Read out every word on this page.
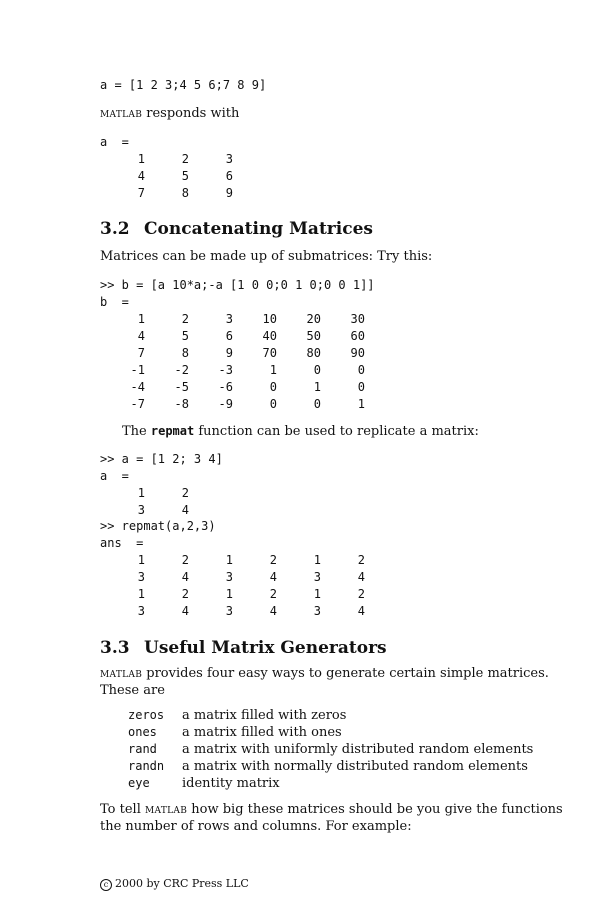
a = [1 2 3;4 5 6;7 8 9]
matlab responds with
a  =
1	2	3
4	5	6
7	8	9
3.2 Concatenating Matrices
Matrices can be made up of submatrices: Try this:
>> b = [a 10*a;-a [1 0 0;0 1 0;0 0 1]]
b  =
1	2	3	10	20	30
4	5	6	40	50	60
7	8	9	70	80	90
-1	-2	-3	1	0	0
-4	-5	-6	0	1	0
-7	-8	-9	0	0	1
The repmat function can be used to replicate a matrix:
>> a = [1 2; 3 4]
a  =
1	2
3	4
>> repmat(a,2,3)
ans  =
1	2	1	2	1	2
3	4	3	4	3	4
1	2	1	2	1	2
3	4	3	4	3	4
3.3 Useful Matrix Generators
matlab provides four easy ways to generate certain simple matrices.
These are
zeros	a matrix filled with zeros
ones	a matrix filled with ones
rand	a matrix with uniformly distributed random elements
randn	a matrix with normally distributed random elements
eye	identity matrix
To tell matlab how big these matrices should be you give the functions
the number of rows and columns. For example:
c 2000 by CRC Press LLC
